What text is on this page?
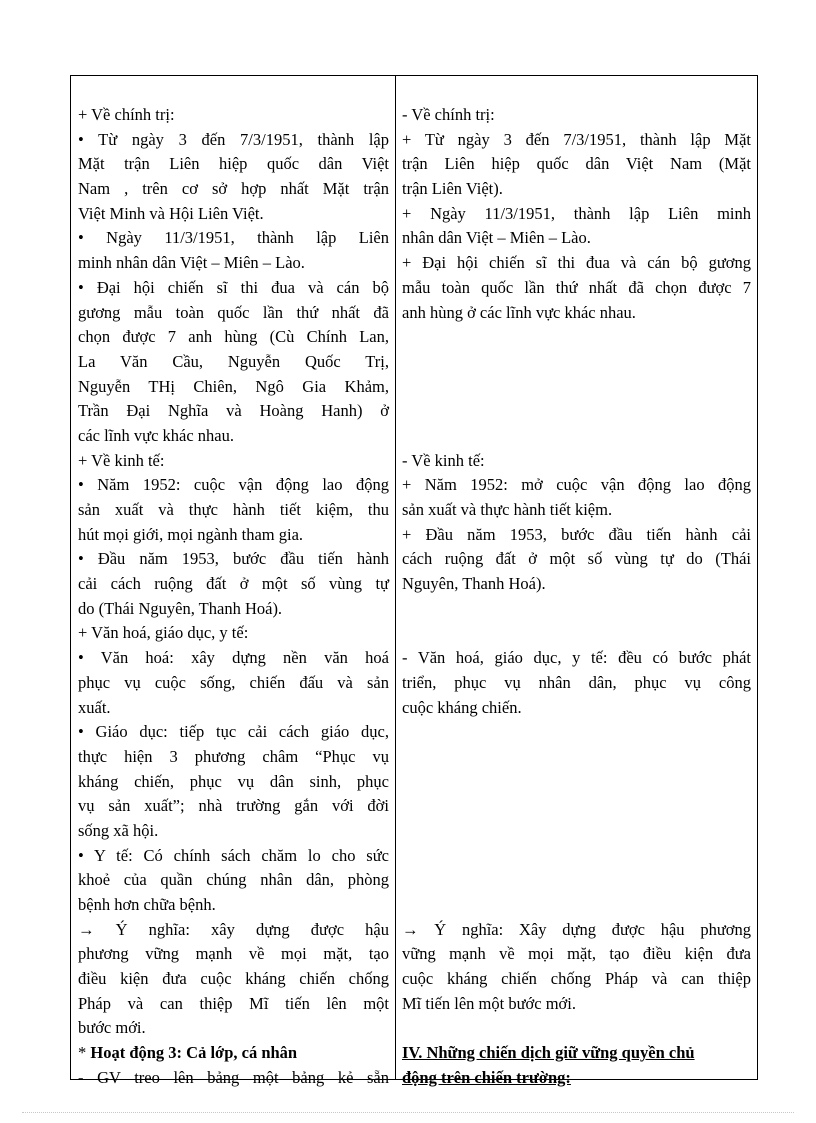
+ Về chính trị:
• Từ ngày 3 đến 7/3/1951, thành lập
Mặt trận Liên hiệp quốc dân Việt
Nam , trên cơ sở hợp nhất Mặt trận
Việt Minh và Hội Liên Việt.
• Ngày 11/3/1951, thành lập Liên
minh nhân dân Việt – Miên – Lào.
• Đại hội chiến sĩ thi đua và cán bộ
gương mẫu toàn quốc lần thứ nhất đã
chọn được 7 anh hùng (Cù Chính Lan,
La Văn Cầu, Nguyễn Quốc Trị,
Nguyễn THị Chiên, Ngô Gia Khảm,
Trần Đại Nghĩa và Hoàng Hanh) ở
các lĩnh vực khác nhau.
+ Về kinh tế:
• Năm 1952: cuộc vận động lao động
sản xuất và thực hành tiết kiệm, thu
hút mọi giới, mọi ngành tham gia.
• Đầu năm 1953, bước đầu tiến hành
cải cách ruộng đất ở một số vùng tự
do (Thái Nguyên, Thanh Hoá).
+ Văn hoá, giáo dục, y tế:
• Văn hoá: xây dựng nền văn hoá
phục vụ cuộc sống, chiến đấu và sản
xuất.
• Giáo dục: tiếp tục cải cách giáo dục,
thực hiện 3 phương châm “Phục vụ
kháng chiến, phục vụ dân sinh, phục
vụ sản xuất”; nhà trường gắn với đời
sống xã hội.
• Y tế: Có chính sách chăm lo cho sức
khoẻ của quần chúng nhân dân, phòng
bệnh hơn chữa bệnh.
→ Ý nghĩa: xây dựng được hậu
phương vững mạnh về mọi mặt, tạo
điều kiện đưa cuộc kháng chiến chống
Pháp và can thiệp Mĩ tiến lên một
bước mới.
* Hoạt động 3: Cả lớp, cá nhân
- GV treo lên bảng một bảng kẻ sẵn
- Về chính trị:
+ Từ ngày 3 đến 7/3/1951, thành lập Mặt
trận Liên hiệp quốc dân Việt Nam (Mặt
trận Liên Việt).
+ Ngày 11/3/1951, thành lập Liên minh
nhân dân Việt – Miên – Lào.
+ Đại hội chiến sĩ thi đua và cán bộ gương
mẫu toàn quốc lần thứ nhất đã chọn được 7
anh hùng ở các lĩnh vực khác nhau.
- Về kinh tế:
+ Năm 1952: mở cuộc vận động lao động
sản xuất và thực hành tiết kiệm.
+ Đầu năm 1953, bước đầu tiến hành cải
cách ruộng đất ở một số vùng tự do (Thái
Nguyên, Thanh Hoá).
- Văn hoá, giáo dục, y tế: đều có bước phát
triển, phục vụ nhân dân, phục vụ công
cuộc kháng chiến.
→ Ý nghĩa: Xây dựng được hậu phương
vững mạnh về mọi mặt, tạo điều kiện đưa
cuộc kháng chiến chống Pháp và can thiệp
Mĩ tiến lên một bước mới.
IV. Những chiến dịch giữ vững quyền chủ
động trên chiến trường:
